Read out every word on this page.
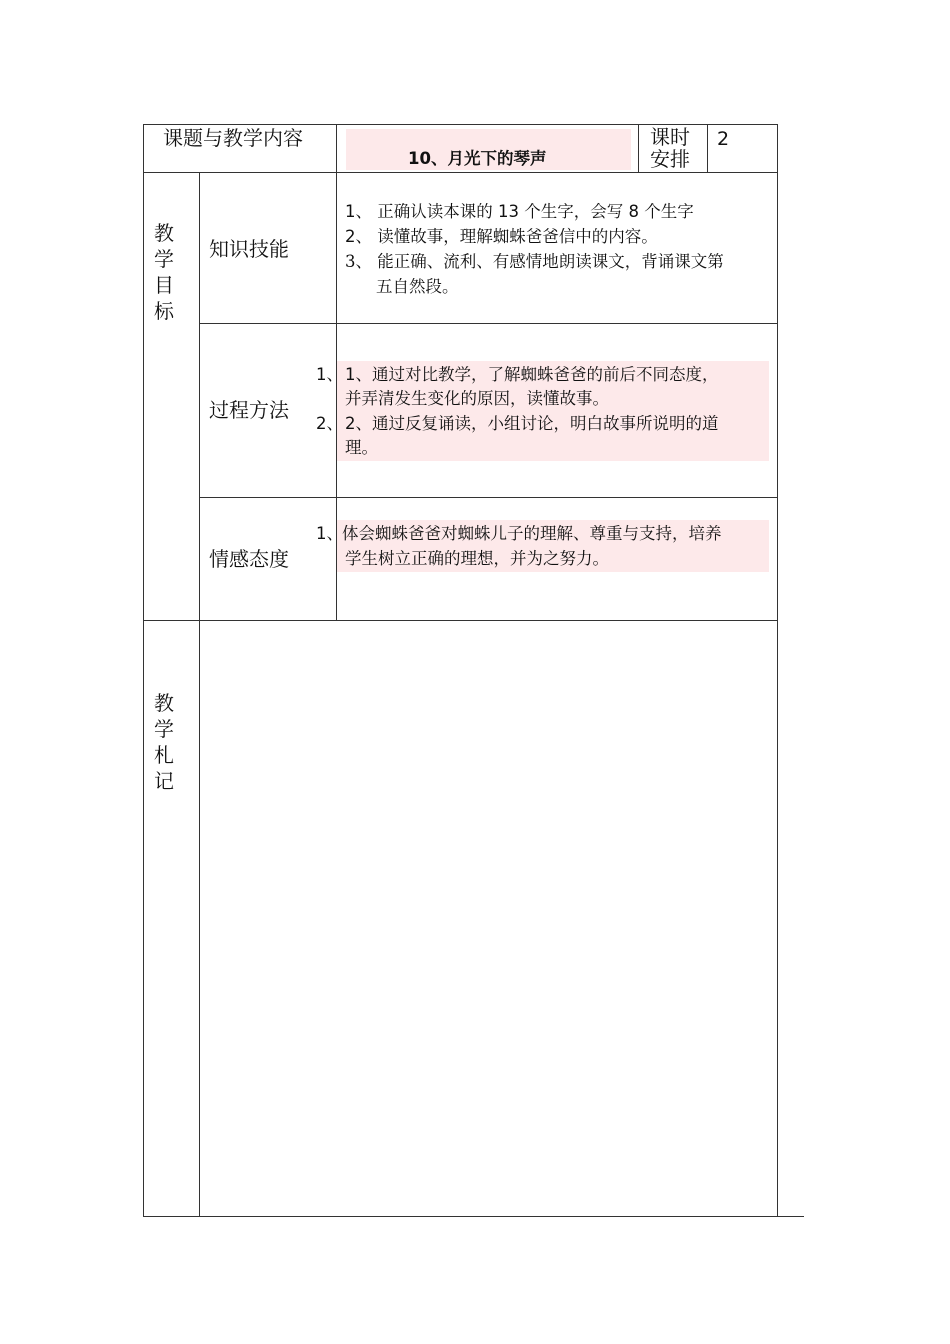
课题与教学内容
10、月光下的琴声
课时
安排
2
教
学
目
标
知识技能
1、 正确认读本课的 13 个生字，会写 8 个生字
2、 读懂故事，理解蜘蛛爸爸信中的内容。
3、 能正确、流利、有感情地朗读课文，背诵课文第
五自然段。
过程方法
1、
2、
1、通过对比教学，了解蜘蛛爸爸的前后不同态度，
并弄清发生变化的原因，读懂故事。
2、通过反复诵读，小组讨论，明白故事所说明的道
理。
情感态度
1、 体会蜘蛛爸爸对蜘蛛儿子的理解、尊重与支持，培养
学生树立正确的理想，并为之努力。
教
学
札
记
